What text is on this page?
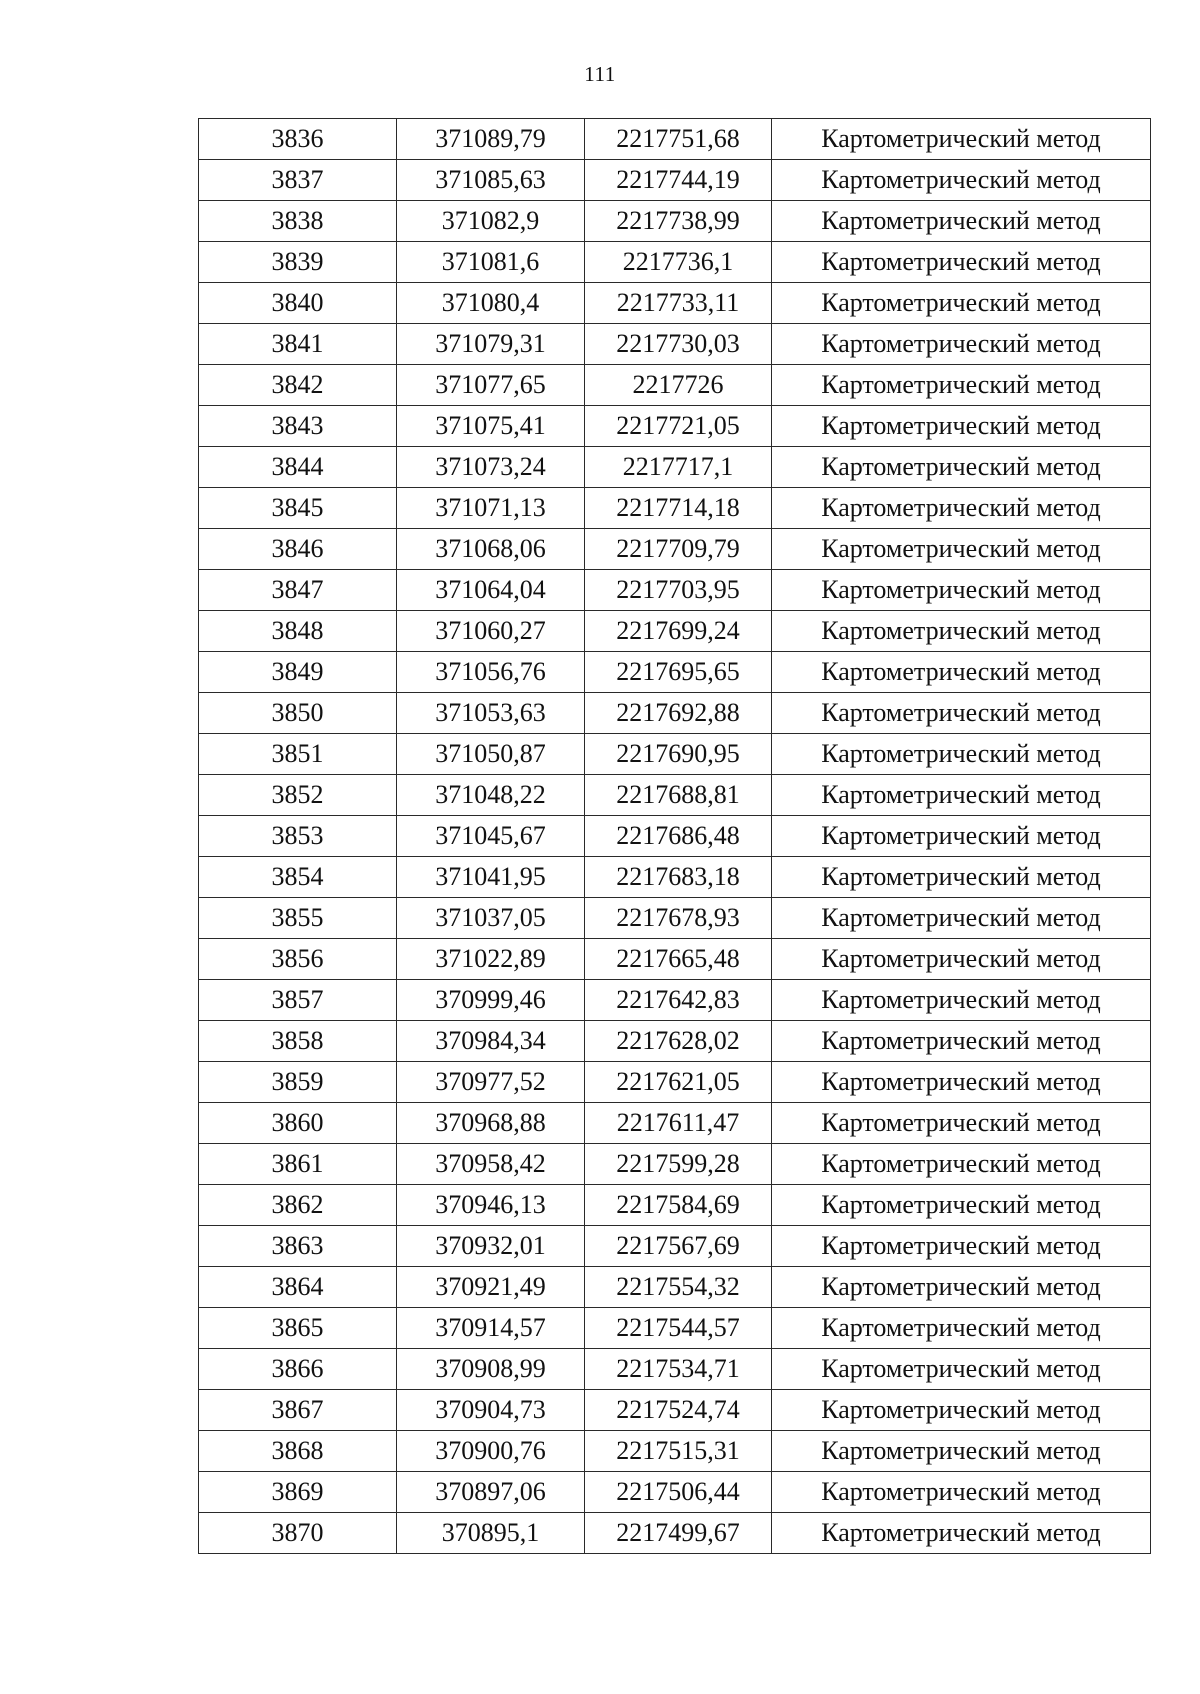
111
3836	371089,79	2217751,68	Картометрический метод
3837	371085,63	2217744,19	Картометрический метод
3838	371082,9	2217738,99	Картометрический метод
3839	371081,6	2217736,1	Картометрический метод
3840	371080,4	2217733,11	Картометрический метод
3841	371079,31	2217730,03	Картометрический метод
3842	371077,65	2217726	Картометрический метод
3843	371075,41	2217721,05	Картометрический метод
3844	371073,24	2217717,1	Картометрический метод
3845	371071,13	2217714,18	Картометрический метод
3846	371068,06	2217709,79	Картометрический метод
3847	371064,04	2217703,95	Картометрический метод
3848	371060,27	2217699,24	Картометрический метод
3849	371056,76	2217695,65	Картометрический метод
3850	371053,63	2217692,88	Картометрический метод
3851	371050,87	2217690,95	Картометрический метод
3852	371048,22	2217688,81	Картометрический метод
3853	371045,67	2217686,48	Картометрический метод
3854	371041,95	2217683,18	Картометрический метод
3855	371037,05	2217678,93	Картометрический метод
3856	371022,89	2217665,48	Картометрический метод
3857	370999,46	2217642,83	Картометрический метод
3858	370984,34	2217628,02	Картометрический метод
3859	370977,52	2217621,05	Картометрический метод
3860	370968,88	2217611,47	Картометрический метод
3861	370958,42	2217599,28	Картометрический метод
3862	370946,13	2217584,69	Картометрический метод
3863	370932,01	2217567,69	Картометрический метод
3864	370921,49	2217554,32	Картометрический метод
3865	370914,57	2217544,57	Картометрический метод
3866	370908,99	2217534,71	Картометрический метод
3867	370904,73	2217524,74	Картометрический метод
3868	370900,76	2217515,31	Картометрический метод
3869	370897,06	2217506,44	Картометрический метод
3870	370895,1	2217499,67	Картометрический метод
